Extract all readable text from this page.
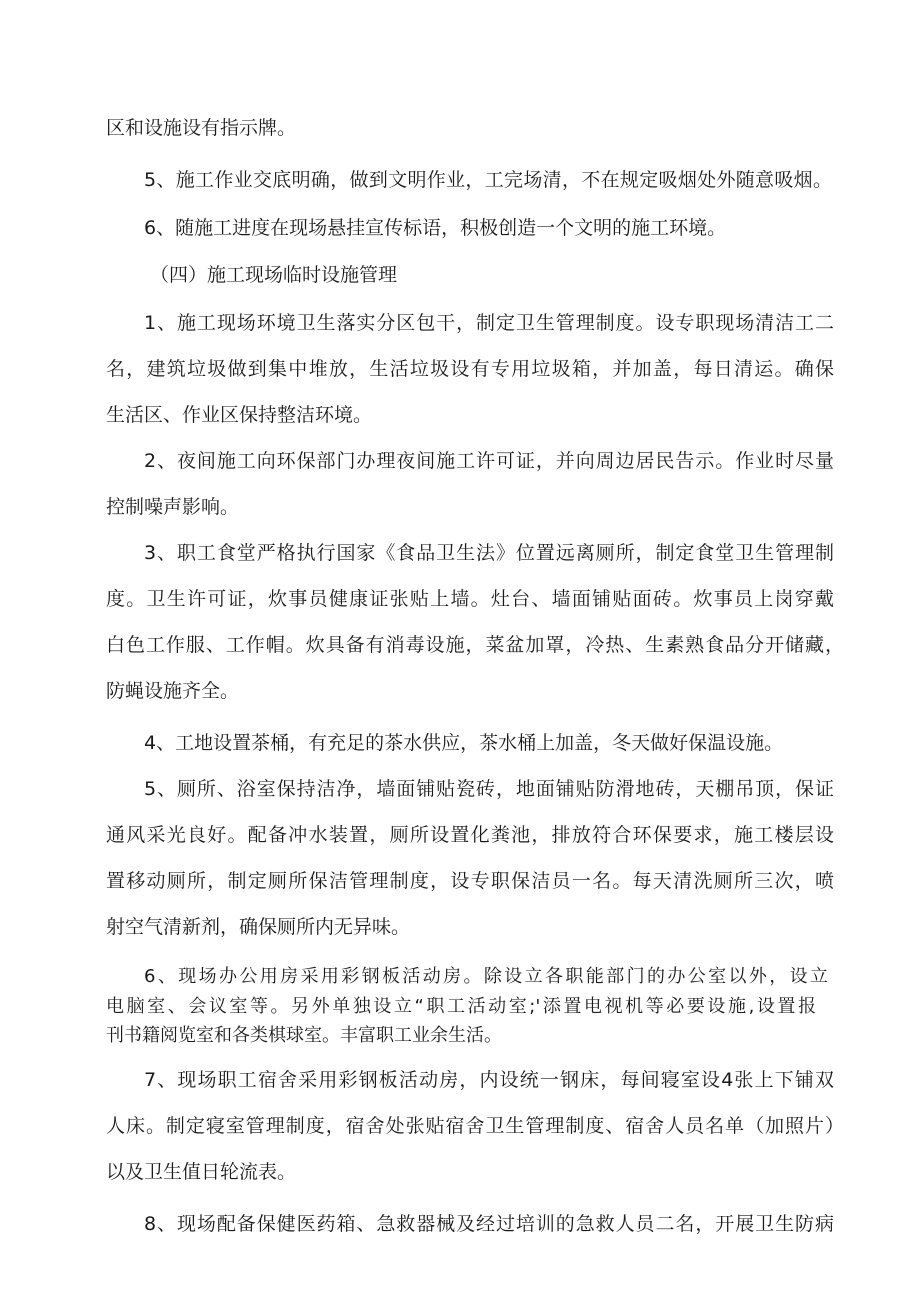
区和设施设有指示牌。

5、施工作业交底明确，做到文明作业，工完场清，不在规定吸烟处外随意吸烟。

6、随施工进度在现场悬挂宣传标语，积极创造一个文明的施工环境。

（四）施工现场临时设施管理

1、施工现场环境卫生落实分区包干，制定卫生管理制度。设专职现场清洁工二

名，建筑垃圾做到集中堆放，生活垃圾设有专用垃圾箱，并加盖，每日清运。确保

生活区、作业区保持整洁环境。

2、夜间施工向环保部门办理夜间施工许可证，并向周边居民告示。作业时尽量

控制噪声影响。

3、职工食堂严格执行国家《食品卫生法》位置远离厕所，制定食堂卫生管理制

度。卫生许可证，炊事员健康证张贴上墙。灶台、墙面铺贴面砖。炊事员上岗穿戴

白色工作服、工作帽。炊具备有消毒设施，菜盆加罩，冷热、生素熟食品分开储藏，

防蝇设施齐全。

4、工地设置茶桶，有充足的茶水供应，茶水桶上加盖，冬天做好保温设施。

5、厕所、浴室保持洁净，墙面铺贴瓷砖，地面铺贴防滑地砖，天棚吊顶，保证

通风采光良好。配备冲水装置，厕所设置化粪池，排放符合环保要求，施工楼层设

置移动厕所，制定厕所保洁管理制度，设专职保洁员一名。每天清洗厕所三次，喷

射空气清新剂，确保厕所内无异味。

6、现场办公用房采用彩钢板活动房。除设立各职能部门的办公室以外，设立

电脑室、会议室等。另外单独设立“职工活动室;'添置电视机等必要设施,设置报

刊书籍阅览室和各类棋球室。丰富职工业余生活。

7、现场职工宿舍采用彩钢板活动房，内设统一钢床，每间寝室设4张上下铺双

人床。制定寝室管理制度，宿舍处张贴宿舍卫生管理制度、宿舍人员名单（加照片）

以及卫生值日轮流表。

8、现场配备保健医药箱、急救器械及经过培训的急救人员二名，开展卫生防病
